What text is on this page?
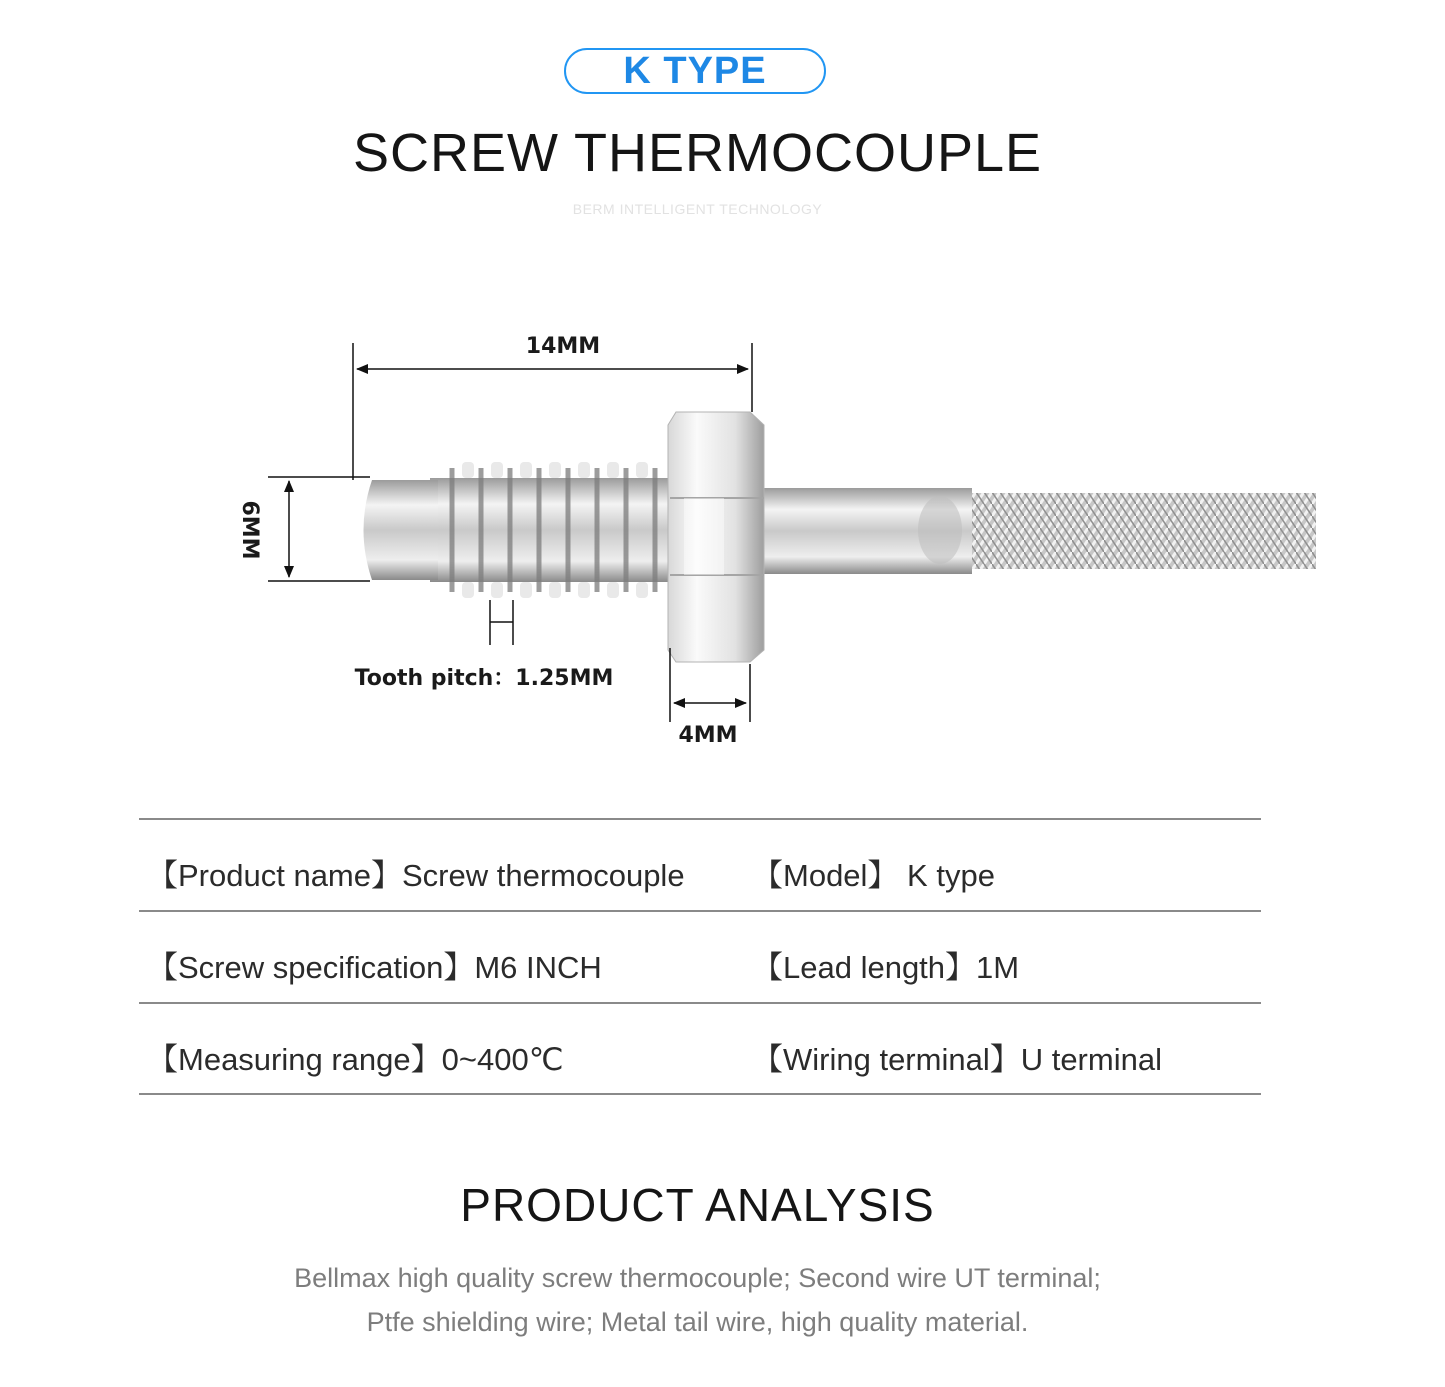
K TYPE
SCREW THERMOCOUPLE
BERM INTELLIGENT TECHNOLOGY
14MM
6MM
Tooth pitch：1.25MM
4MM
【Product name】Screw thermocouple 【Model】 K type
【Screw specification】M6 INCH	【Lead length】1M
【Measuring range】0~400℃	【Wiring terminal】U terminal
PRODUCT ANALYSIS
Bellmax high quality screw thermocouple; Second wire UT terminal;
Ptfe shielding wire; Metal tail wire, high quality material.
